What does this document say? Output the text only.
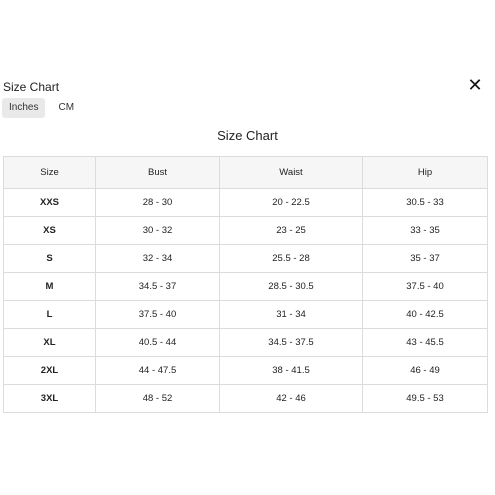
Size Chart	✕
Inches	CM
Size Chart
Size	Bust	Waist	Hip
XXS	28 - 30	20 - 22.5	30.5 - 33
XS	30 - 32	23 - 25	33 - 35
S	32 - 34	25.5 - 28	35 - 37
M	34.5 - 37	28.5 - 30.5	37.5 - 40
L	37.5 - 40	31 - 34	40 - 42.5
XL	40.5 - 44	34.5 - 37.5	43 - 45.5
2XL	44 - 47.5	38 - 41.5	46 - 49
3XL	48 - 52	42 - 46	49.5 - 53
